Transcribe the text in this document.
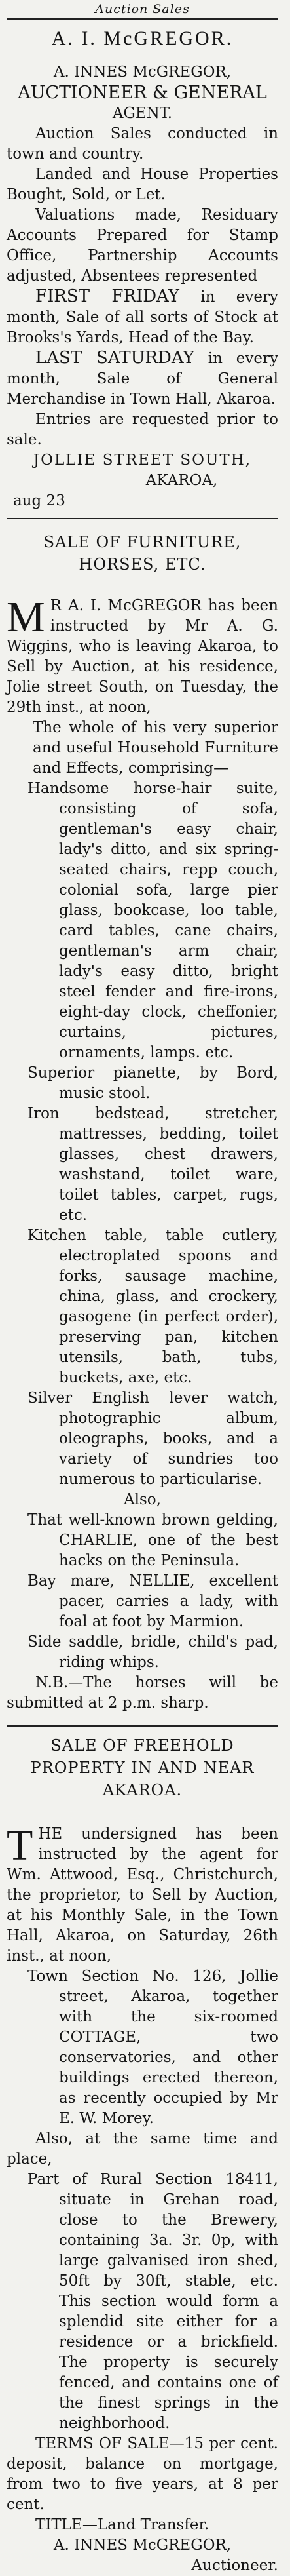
Auction Sales
A. I. McGREGOR.
A. INNES McGREGOR,
AUCTIONEER & GENERAL
AGENT.

Auction Sales conducted in town and country.

Landed and House Properties Bought, Sold, or Let.

Valuations made, Residuary Accounts Prepared for Stamp Office, Partnership Accounts adjusted, Absentees represented

FIRST FRIDAY in every month, Sale of all sorts of Stock at Brooks's Yards, Head of the Bay.

LAST SATURDAY in every month, Sale of General Merchandise in Town Hall, Akaroa.

Entries are requested prior to sale.

JOLLIE STREET SOUTH,
AKAROA,
aug 23
SALE OF FURNITURE, HORSES, ETC.

M R A. I. McGREGOR has been instructed by Mr A. G. Wiggins, who is leaving Akaroa, to Sell by Auction, at his residence, Jolie street South, on Tuesday, the 29th inst., at noon,

The whole of his very superior and useful Household Furniture and Effects, comprising—

Handsome horse-hair suite, consisting of sofa, gentleman's easy chair, lady's ditto, and six spring-seated chairs, repp couch, colonial sofa, large pier glass, bookcase, loo table, card tables, cane chairs, gentleman's arm chair, lady's easy ditto, bright steel fender and fire-irons, eight-day clock, cheffonier, curtains, pictures, ornaments, lamps. etc.

Superior pianette, by Bord, music stool.

Iron bedstead, stretcher, mattresses, bedding, toilet glasses, chest drawers, washstand, toilet ware, toilet tables, carpet, rugs, etc.

Kitchen table, table cutlery, electroplated spoons and forks, sausage machine, china, glass, and crockery, gasogene (in perfect order), preserving pan, kitchen utensils, bath, tubs, buckets, axe, etc.

Silver English lever watch, photographic album, oleographs, books, and a variety of sundries too numerous to particularise.

Also,

That well-known brown gelding, CHARLIE, one of the best hacks on the Peninsula.

Bay mare, NELLIE, excellent pacer, carries a lady, with foal at foot by Marmion.

Side saddle, bridle, child's pad, riding whips.

N.B.—The horses will be submitted at 2 p.m. sharp.

SALE OF FREEHOLD PROPERTY IN AND NEAR AKAROA.

THE undersigned has been instructed by the agent for Wm. Attwood, Esq., Christchurch, the proprietor, to Sell by Auction, at his Monthly Sale, in the Town Hall, Akaroa, on Saturday, 26th inst., at noon,

Town Section No. 126, Jollie street, Akaroa, together with the six-roomed COTTAGE, two conservatories, and other buildings erected thereon, as recently occupied by Mr E. W. Morey.

Also, at the same time and place,

Part of Rural Section 18411, situate in Grehan road, close to the Brewery, containing 3a. 3r. 0p, with large galvanised iron shed, 50ft by 30ft, stable, etc. This section would form a splendid site either for a residence or a brickfield. The property is securely fenced, and contains one of the finest springs in the neighborhood.

TERMS OF SALE—15 per cent. deposit, balance on mortgage, from two to five years, at 8 per cent.

TITLE—Land Transfer.

A. INNES McGREGOR,
Auctioneer.
